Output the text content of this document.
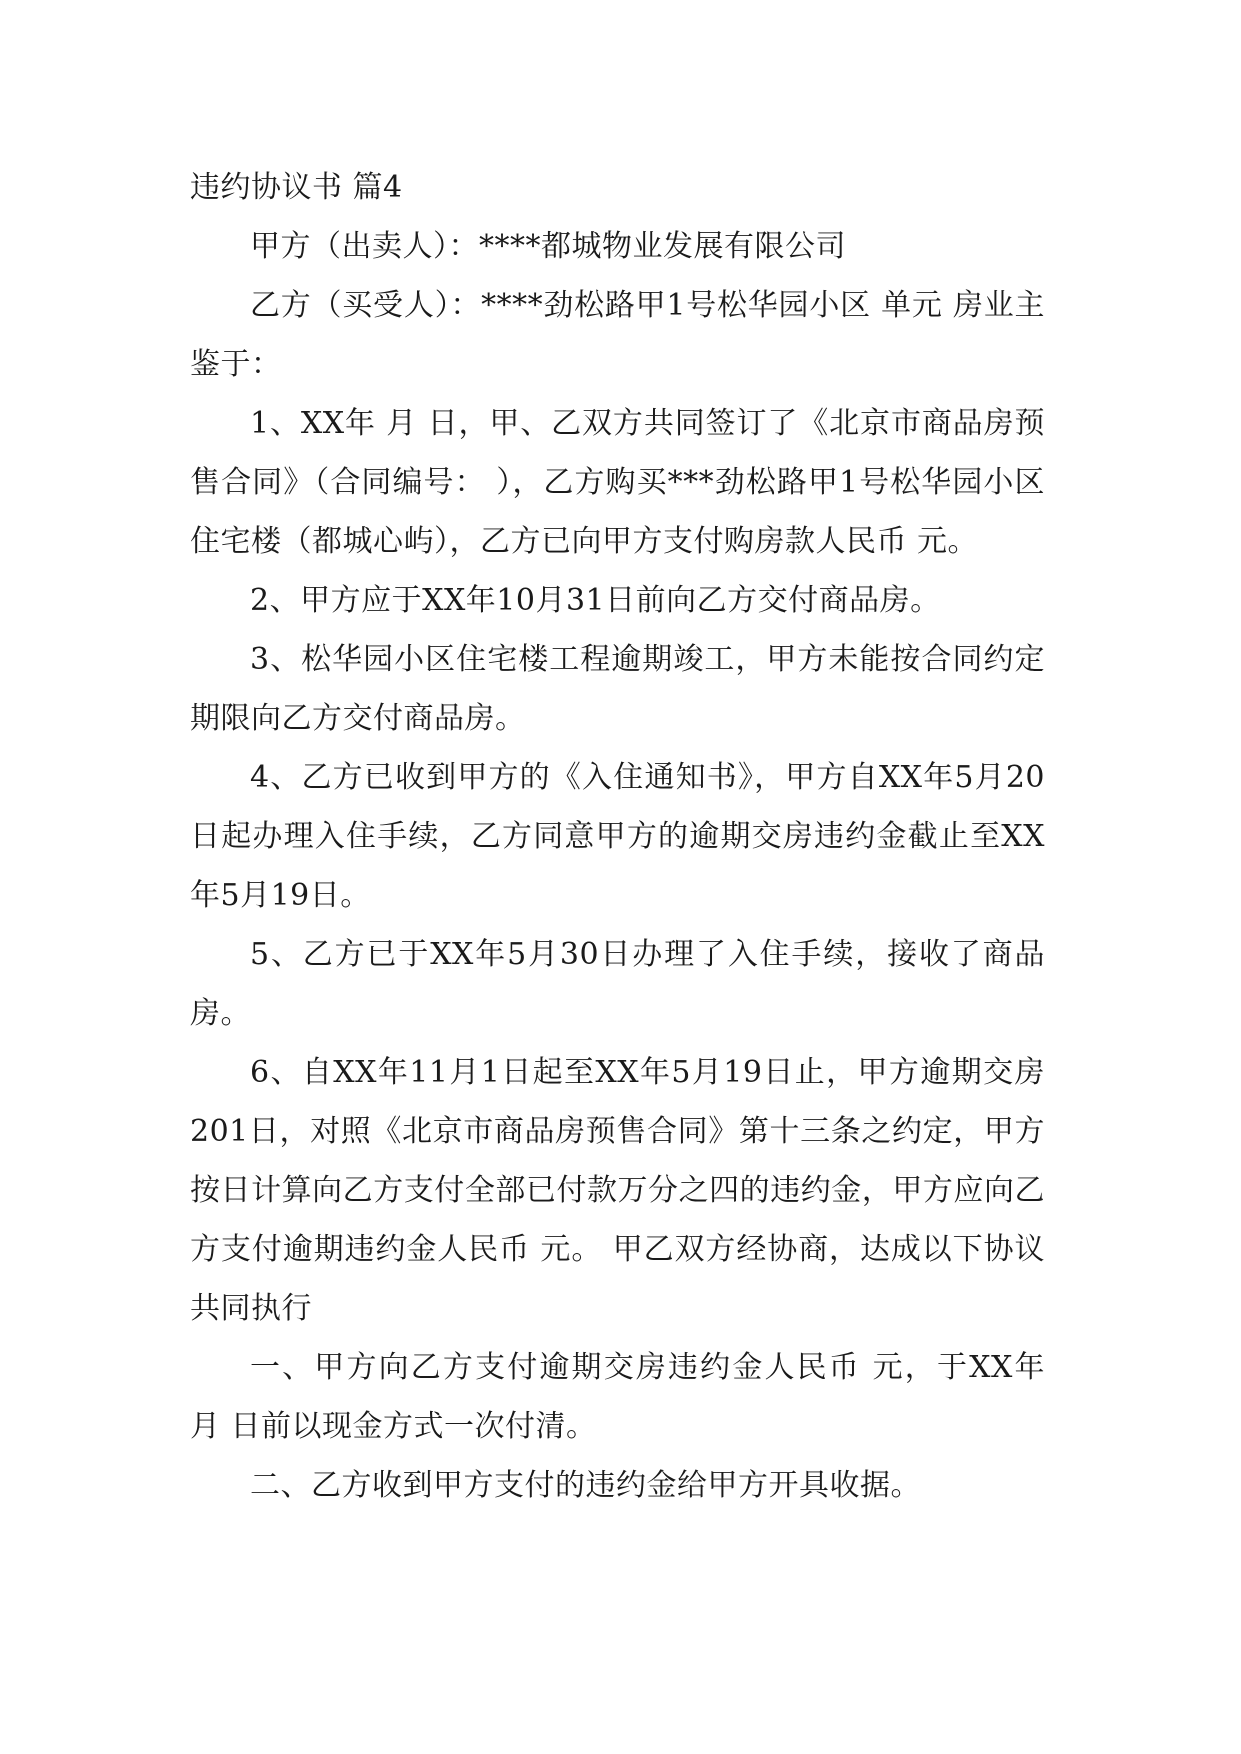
违约协议书 篇4

甲方（出卖人）：****都城物业发展有限公司

乙方（买受人）：****劲松路甲1号松华园小区 单元 房业主 鉴于：

1、XX年 月 日，甲、乙双方共同签订了《北京市商品房预售合同》（合同编号： ），乙方购买***劲松路甲1号松华园小区住宅楼（都城心屿），乙方已向甲方支付购房款人民币 元。

2、甲方应于XX年10月31日前向乙方交付商品房。

3、松华园小区住宅楼工程逾期竣工，甲方未能按合同约定期限向乙方交付商品房。

4、乙方已收到甲方的《入住通知书》，甲方自XX年5月20日起办理入住手续，乙方同意甲方的逾期交房违约金截止至XX年5月19日。

5、乙方已于XX年5月30日办理了入住手续，接收了商品房。

6、自XX年11月1日起至XX年5月19日止，甲方逾期交房201日，对照《北京市商品房预售合同》第十三条之约定，甲方按日计算向乙方支付全部已付款万分之四的违约金，甲方应向乙方支付逾期违约金人民币 元。 甲乙双方经协商，达成以下协议共同执行

一、甲方向乙方支付逾期交房违约金人民币 元，于XX年 月 日前以现金方式一次付清。

二、乙方收到甲方支付的违约金给甲方开具收据。
